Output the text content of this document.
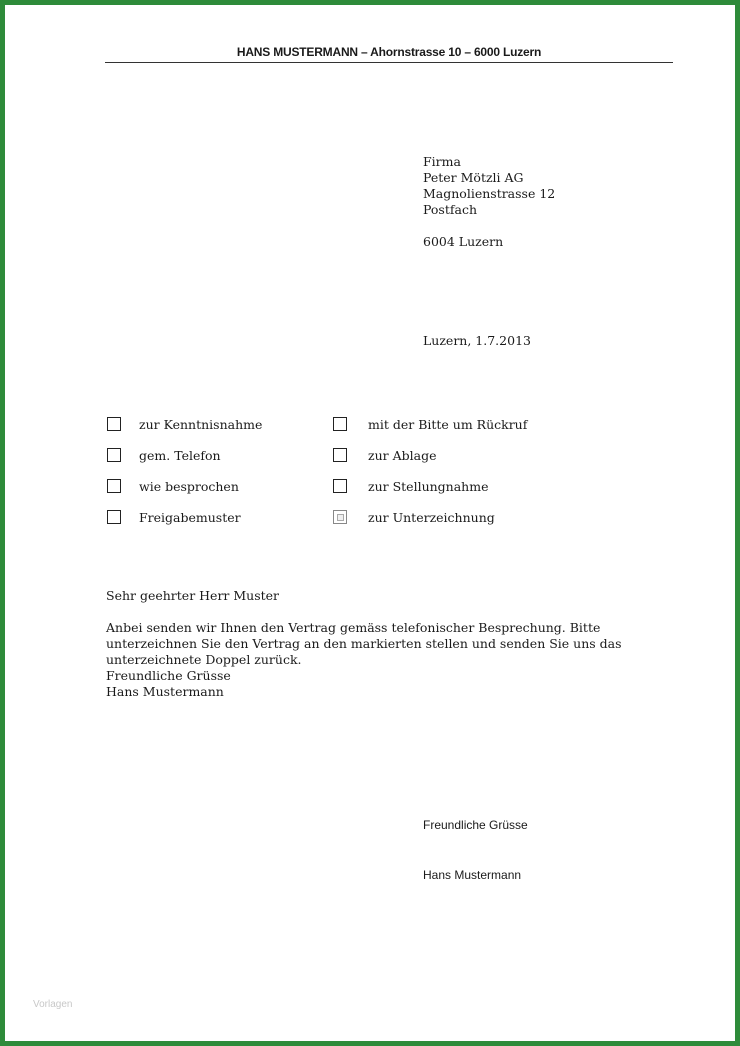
HANS MUSTERMANN – Ahornstrasse 10 – 6000 Luzern
Firma
Peter Mötzli AG
Magnolienstrasse 12
Postfach
6004 Luzern
Luzern, 1.7.2013
zur Kenntnisnahme
gem. Telefon
wie besprochen
Freigabemuster
mit der Bitte um Rückruf
zur Ablage
zur Stellungnahme
zur Unterzeichnung
Sehr geehrter Herr Muster
Anbei senden wir Ihnen den Vertrag gemäss telefonischer Besprechung. Bitte unterzeichnen Sie den Vertrag an den markierten stellen und senden Sie uns das unterzeichnete Doppel zurück.
Freundliche Grüsse
Hans Mustermann
Freundliche Grüsse
Hans Mustermann
Vorlagen
